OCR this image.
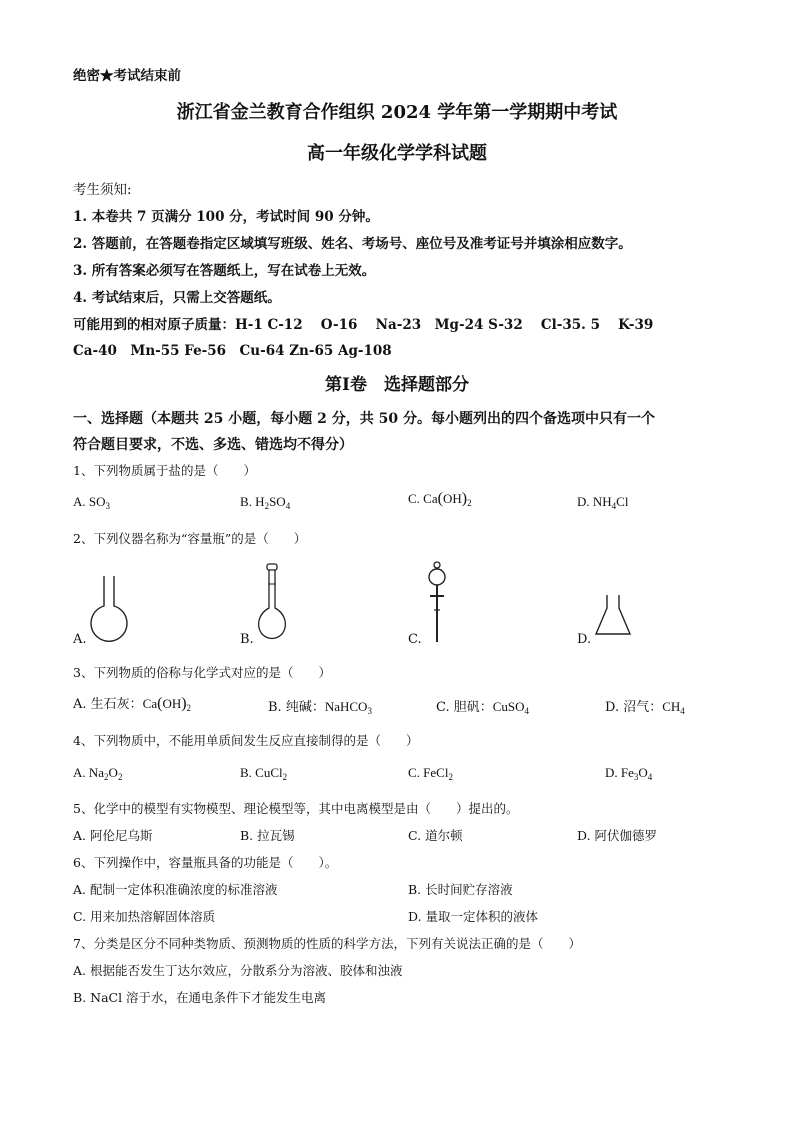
绝密★考试结束前
浙江省金兰教育合作组织 2024 学年第一学期期中考试
高一年级化学学科试题
考生须知:
1. 本卷共 7 页满分 100 分，考试时间 90 分钟。
2. 答题前，在答题卷指定区域填写班级、姓名、考场号、座位号及准考证号并填涂相应数字。
3. 所有答案必须写在答题纸上，写在试卷上无效。
4. 考试结束后，只需上交答题纸。
可能用到的相对原子质量：H-1 C-12　 O-16　 Na-23　Mg-24 S-32　 Cl-35. 5　 K-39
Ca-40　Mn-55 Fe-56　Cu-64 Zn-65 Ag-108
第Ⅰ卷　选择题部分
一、选择题（本题共 25 小题，每小题 2 分，共 50 分。每小题列出的四个备选项中只有一个
符合题目要求，不选、多选、错选均不得分）
1、下列物质属于盐的是（　　）
A. $SO_3$	B. $H_2SO_4$	C. $Ca(OH)_2$	D. $NH_4Cl$
2、下列仪器名称为“容量瓶”的是（　　）
A.	B.	C.	D.
3、下列物质的俗称与化学式对应的是（　　）
A. 生石灰：$Ca(OH)_2$	B. 纯碱：NaHCO$_3$	C. 胆矾：CuSO$_4$	D. 沼气：$CH_4$
4、下列物质中，不能用单质间发生反应直接制得的是（　　）
A. $Na_2O_2$	B. CuCl$_2$	C. FeCl$_2$	D. $Fe_3O_4$
5、化学中的模型有实物模型、理论模型等，其中电离模型是由（　　）提出的。
A. 阿伦尼乌斯	B. 拉瓦锡	C. 道尔顿	D. 阿伏伽德罗
6、下列操作中，容量瓶具备的功能是（　　）。
A. 配制一定体积准确浓度的标准溶液	B. 长时间贮存溶液
C. 用来加热溶解固体溶质	D. 量取一定体积的液体
7、分类是区分不同种类物质、预测物质的性质的科学方法，下列有关说法正确的是（　　）
A. 根据能否发生丁达尔效应，分散系分为溶液、胶体和浊液
B. NaCl 溶于水，在通电条件下才能发生电离
